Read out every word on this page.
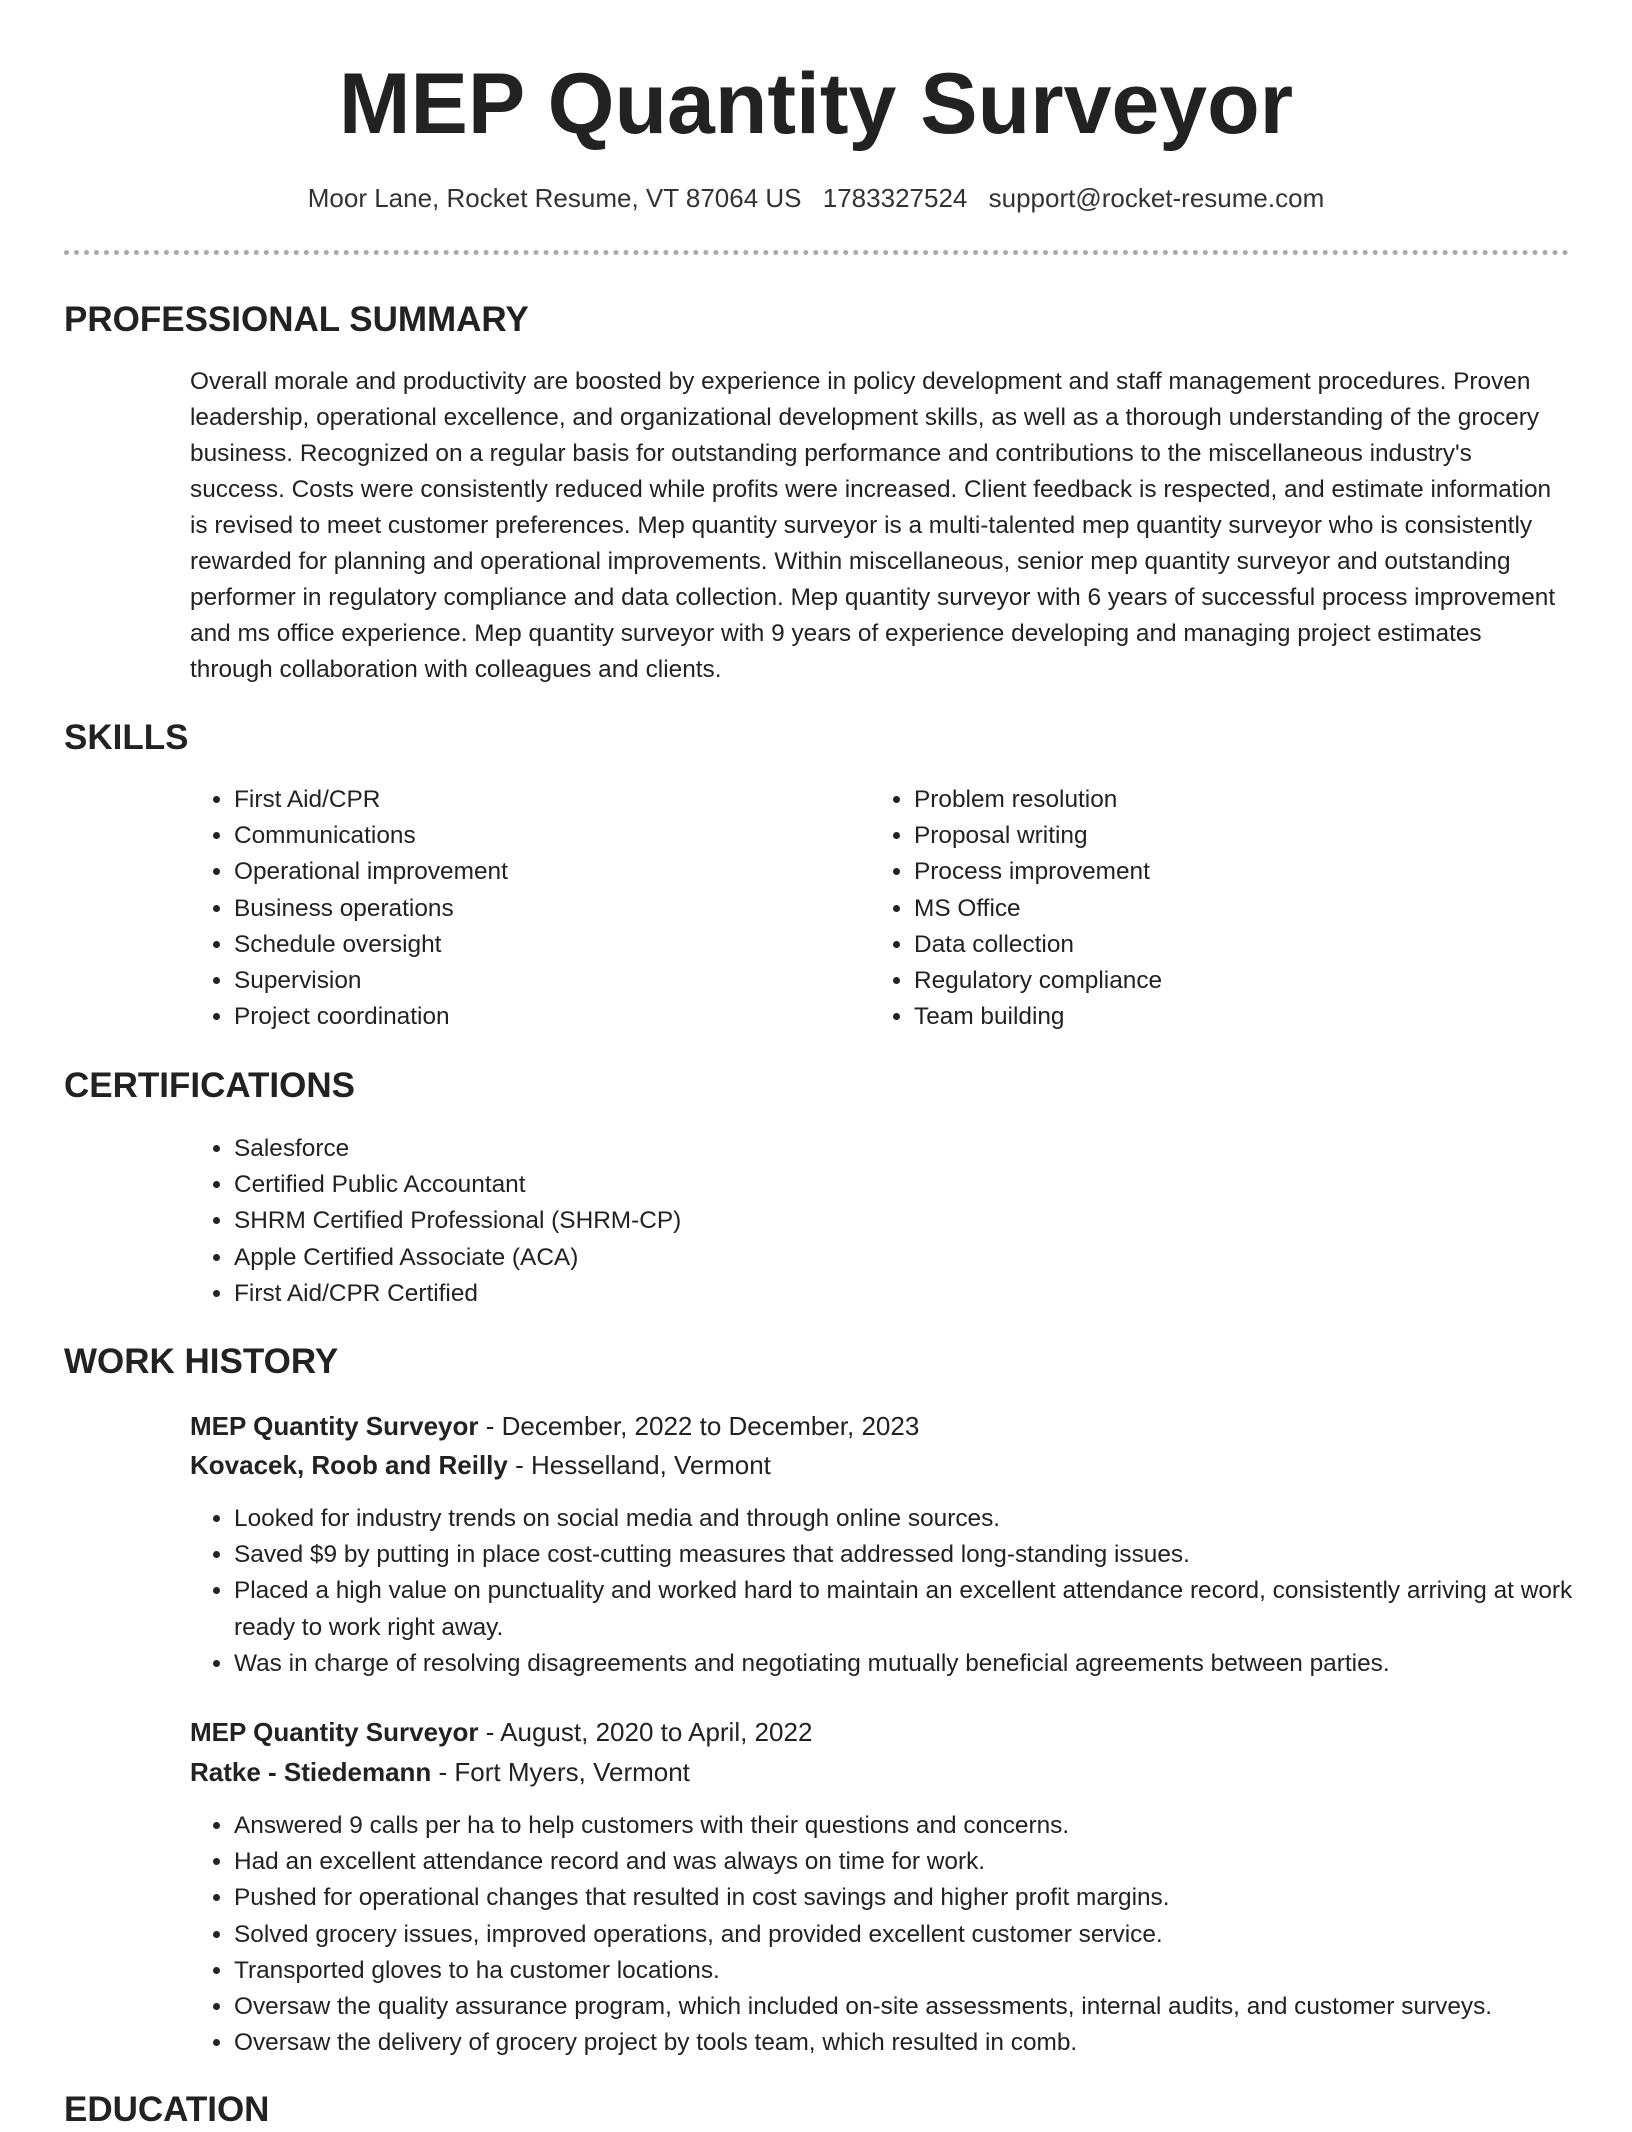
MEP Quantity Surveyor
Moor Lane, Rocket Resume, VT 87064 US 1783327524 support@rocket-resume.com
PROFESSIONAL SUMMARY

Overall morale and productivity are boosted by experience in policy development and staff management procedures. Proven leadership, operational excellence, and organizational development skills, as well as a thorough understanding of the grocery business. Recognized on a regular basis for outstanding performance and contributions to the miscellaneous industry's success. Costs were consistently reduced while profits were increased. Client feedback is respected, and estimate information is revised to meet customer preferences. Mep quantity surveyor is a multi-talented mep quantity surveyor who is consistently rewarded for planning and operational improvements. Within miscellaneous, senior mep quantity surveyor and outstanding performer in regulatory compliance and data collection. Mep quantity surveyor with 6 years of successful process improvement and ms office experience. Mep quantity surveyor with 9 years of experience developing and managing project estimates through collaboration with colleagues and clients.

SKILLS
• First Aid/CPR
• Communications
• Operational improvement
• Business operations
• Schedule oversight
• Supervision
• Project coordination
• Problem resolution
• Proposal writing
• Process improvement
• MS Office
• Data collection
• Regulatory compliance
• Team building
CERTIFICATIONS
• Salesforce
• Certified Public Accountant
• SHRM Certified Professional (SHRM-CP)
• Apple Certified Associate (ACA)
• First Aid/CPR Certified
WORK HISTORY
MEP Quantity Surveyor - December, 2022 to December, 2023
Kovacek, Roob and Reilly - Hesselland, Vermont
• Looked for industry trends on social media and through online sources.
• Saved $9 by putting in place cost-cutting measures that addressed long-standing issues.
• Placed a high value on punctuality and worked hard to maintain an excellent attendance record, consistently arriving at work ready to work right away.
• Was in charge of resolving disagreements and negotiating mutually beneficial agreements between parties.
MEP Quantity Surveyor - August, 2020 to April, 2022
Ratke - Stiedemann - Fort Myers, Vermont
• Answered 9 calls per ha to help customers with their questions and concerns.
• Had an excellent attendance record and was always on time for work.
• Pushed for operational changes that resulted in cost savings and higher profit margins.
• Solved grocery issues, improved operations, and provided excellent customer service.
• Transported gloves to ha customer locations.
• Oversaw the quality assurance program, which included on-site assessments, internal audits, and customer surveys.
• Oversaw the delivery of grocery project by tools team, which resulted in comb.
EDUCATION
